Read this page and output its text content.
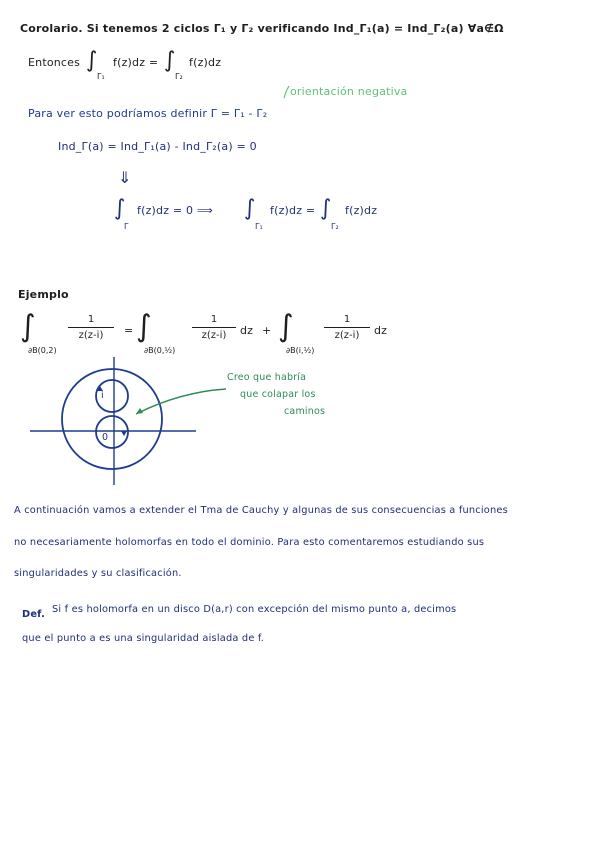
Corolario. Si tenemos 2 ciclos Γ₁ y Γ₂ verificando Ind_Γ₁(a) = Ind_Γ₂(a) ∀a∉Ω
Entonces ∫
Γ₁
f(z)dz = ∫
Γ₂
f(z)dz
orientación negativa
Para ver esto podríamos definir Γ = Γ₁ - Γ₂
Ind_Γ(a) = Ind_Γ₁(a) - Ind_Γ₂(a) = 0
⇓
∫
Γ
f(z)dz = 0 ⟹ ∫
Γ₁
f(z)dz = ∫
Γ₂
f(z)dz
Ejemplo
∫
∂B(0,2)
1
z(z-i)	= ∫
∂B(0,½)
1
z(z-i)	dz + ∫
∂B(i,½)
1
z(z-i)	dz
i
0
Creo que habría
que colapar los
caminos
A continuación vamos a extender el Tma de Cauchy y algunas de sus consecuencias a funciones
no necesariamente holomorfas en todo el dominio. Para esto comentaremos estudiando sus
singularidades y su clasificación.
Def. Si f es holomorfa en un disco D(a,r) con excepción del mismo punto a, decimos
que el punto a es una singularidad aislada de f.
